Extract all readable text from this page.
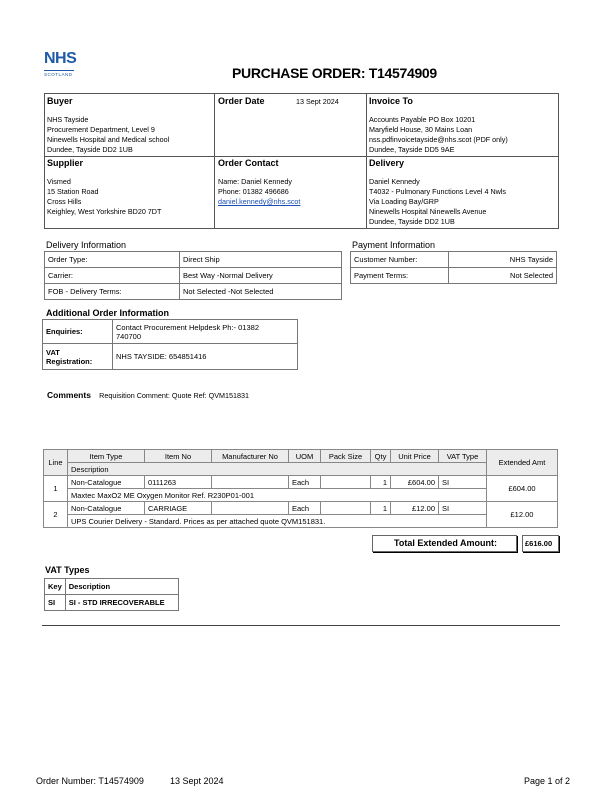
NHS
SCOTLAND	PURCHASE ORDER: T14574909
Buyer
NHS Tayside
Procurement Department, Level 9
Ninewells Hospital and Medical school
Dundee, Tayside DD2 1UB
Order Date	13 Sept 2024	Invoice To
Accounts Payable PO Box 10201
Maryfield House, 30 Mains Loan
nss.pdfinvoicetayside@nhs.scot (PDF only)
Dundee, Tayside DD5 9AE
Supplier
Vismed
15 Station Road
Cross Hills
Keighley, West Yorkshire BD20 7DT
Order Contact
Name: Daniel Kennedy
Phone: 01382 496686
daniel.kennedy@nhs.scot
Delivery
Daniel Kennedy
T4032 - Pulmonary Functions Level 4 Nwls
Via Loading Bay/GRP
Ninewells Hospital Ninewells Avenue
Dundee, Tayside DD2 1UB
Delivery Information
Order Type:	Direct Ship
Carrier:	Best Way -Normal Delivery
FOB - Delivery Terms:	Not Selected -Not Selected
Payment Information
Customer Number:	NHS Tayside
Payment Terms:	Not Selected
Additional Order Information
Enquiries:	Contact Procurement Helpdesk Ph:- 01382
740700

VAT
Registration:	NHS TAYSIDE: 654851416
Comments Requisition Comment: Quote Ref: QVM151831
Line	Item Type	Item No	Manufacturer No	UOM	Pack Size	Qty	Unit Price	VAT Type	Extended Amt
	Description								
1	Non-Catalogue	0111263		Each		1	£604.00	SI	£604.00
	Maxtec MaxO2 ME Oxygen Monitor Ref. R230P01-001								
2	Non-Catalogue	CARRIAGE		Each		1	£12.00	SI	£12.00
	UPS Courier Delivery - Standard. Prices as per attached quote QVM151831.								
Total Extended Amount:	£616.00
VAT Types
Key	Description
SI	SI - STD IRRECOVERABLE
Order Number: T14574909	13 Sept 2024	Page 1 of 2
